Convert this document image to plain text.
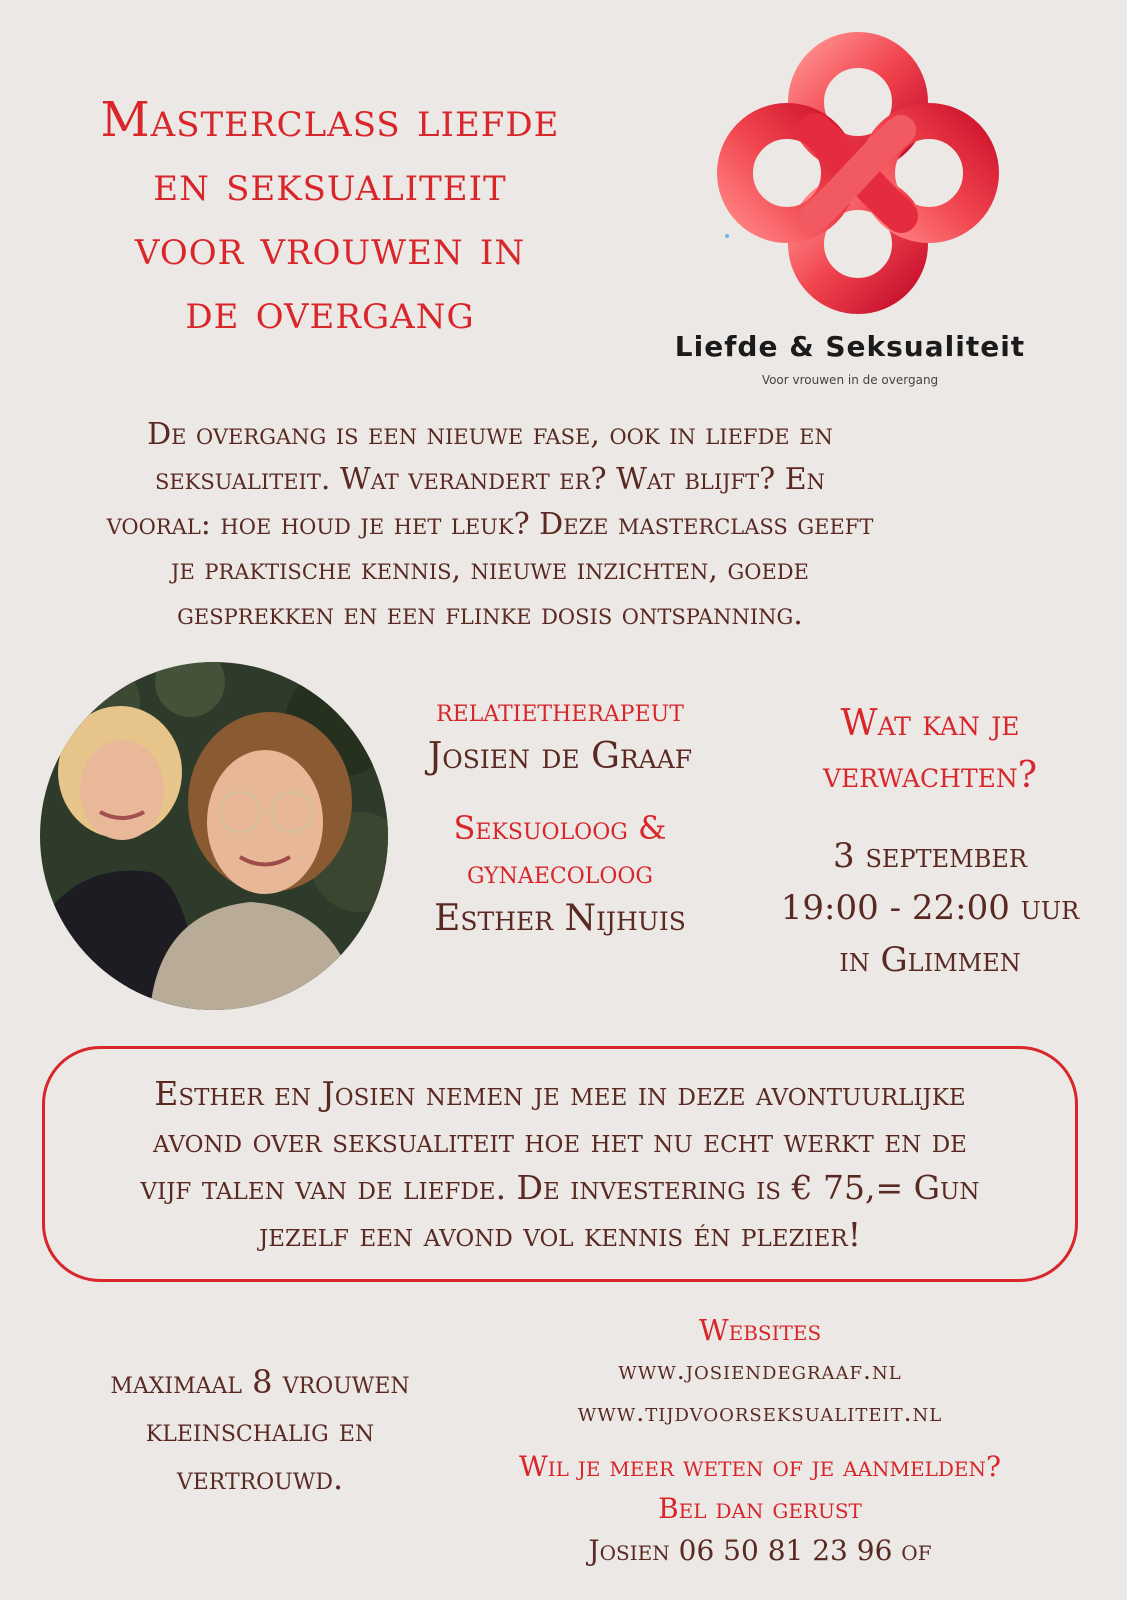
Masterclass liefde
en seksualiteit
voor vrouwen in
de overgang
Liefde & Seksualiteit
Voor vrouwen in de overgang
De overgang is een nieuwe fase, ook in liefde en
seksualiteit. Wat verandert er? Wat blijft? En
vooral: hoe houd je het leuk? Deze masterclass geeft
je praktische kennis, nieuwe inzichten, goede
gesprekken en een flinke dosis ontspanning.
relatietherapeut
Josien de Graaf
Seksuoloog &
gynaecoloog
Esther Nijhuis
Wat kan je
verwachten?
3 september
19:00 - 22:00 uur
in Glimmen
Esther en Josien nemen je mee in deze avontuurlijke
avond over seksualiteit hoe het nu echt werkt en de
vijf talen van de liefde. De investering is € 75,= Gun
jezelf een avond vol kennis én plezier!
maximaal 8 vrouwen
kleinschalig en
vertrouwd.
Websites
www.josiendegraaf.nl
www.tijdvoorseksualiteit.nl
Wil je meer weten of je aanmelden?
Bel dan gerust
Josien 06 50 81 23 96 of
